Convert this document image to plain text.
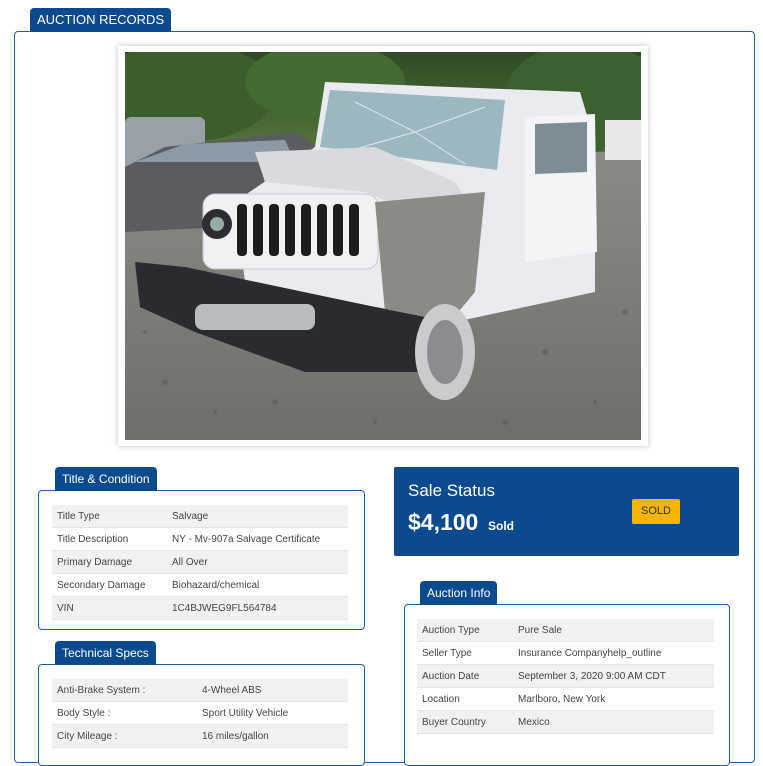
AUCTION RECORDS
Title & Condition
Title Type	Salvage
Title Description	NY - Mv-907a Salvage Certificate
Primary Damage	All Over
Secondary Damage	Biohazard/chemical
VIN	1C4BJWEG9FL564784
Technical Specs
Anti-Brake System :	4-Wheel ABS
Body Style :	Sport Utility Vehicle
City Mileage :	16 miles/gallon
Sale Status
$4,100 Sold
SOLD
Auction Info
Auction Type	Pure Sale
Seller Type	Insurance Companyhelp_outline
Auction Date	September 3, 2020 9:00 AM CDT
Location	Marlboro, New York
Buyer Country	Mexico
